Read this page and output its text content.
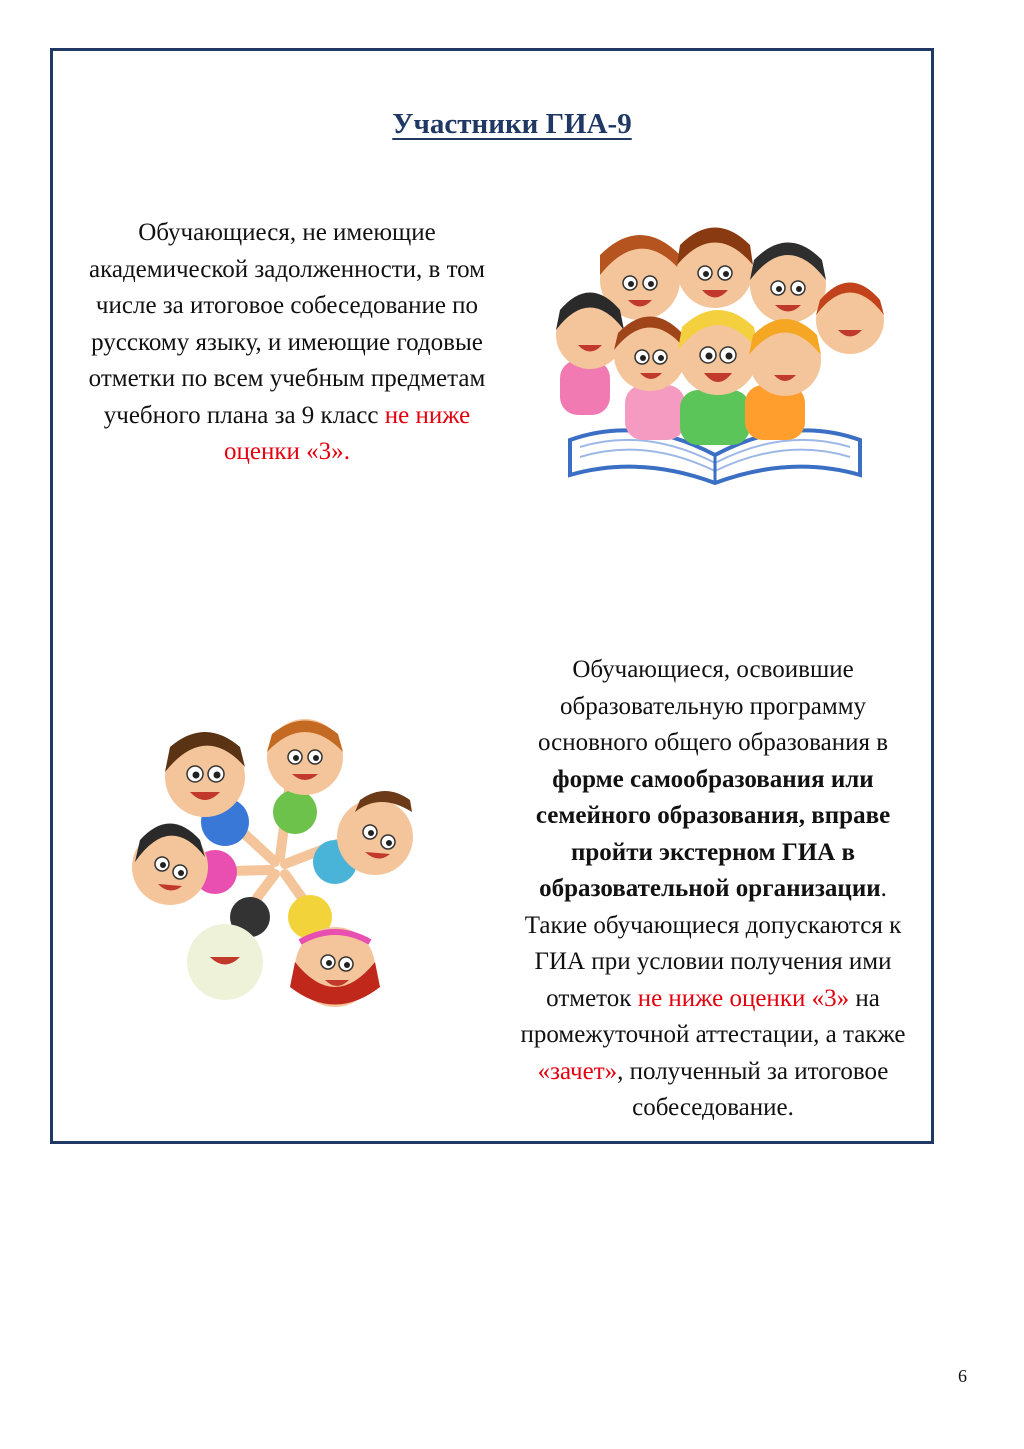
Участники ГИА-9
Обучающиеся, не имеющие академической задолженности, в том числе за итоговое собеседование по русскому языку, и имеющие годовые отметки по всем учебным предметам учебного плана за 9 класс не ниже оценки «3».
Обучающиеся, освоившие образовательную программу основного общего образования в форме самообразования или семейного образования, вправе пройти экстерном ГИА в образовательной организации. Такие обучающиеся допускаются к ГИА при условии получения ими отметок не ниже оценки «3» на промежуточной аттестации, а также «зачет», полученный за итоговое собеседование.
6
